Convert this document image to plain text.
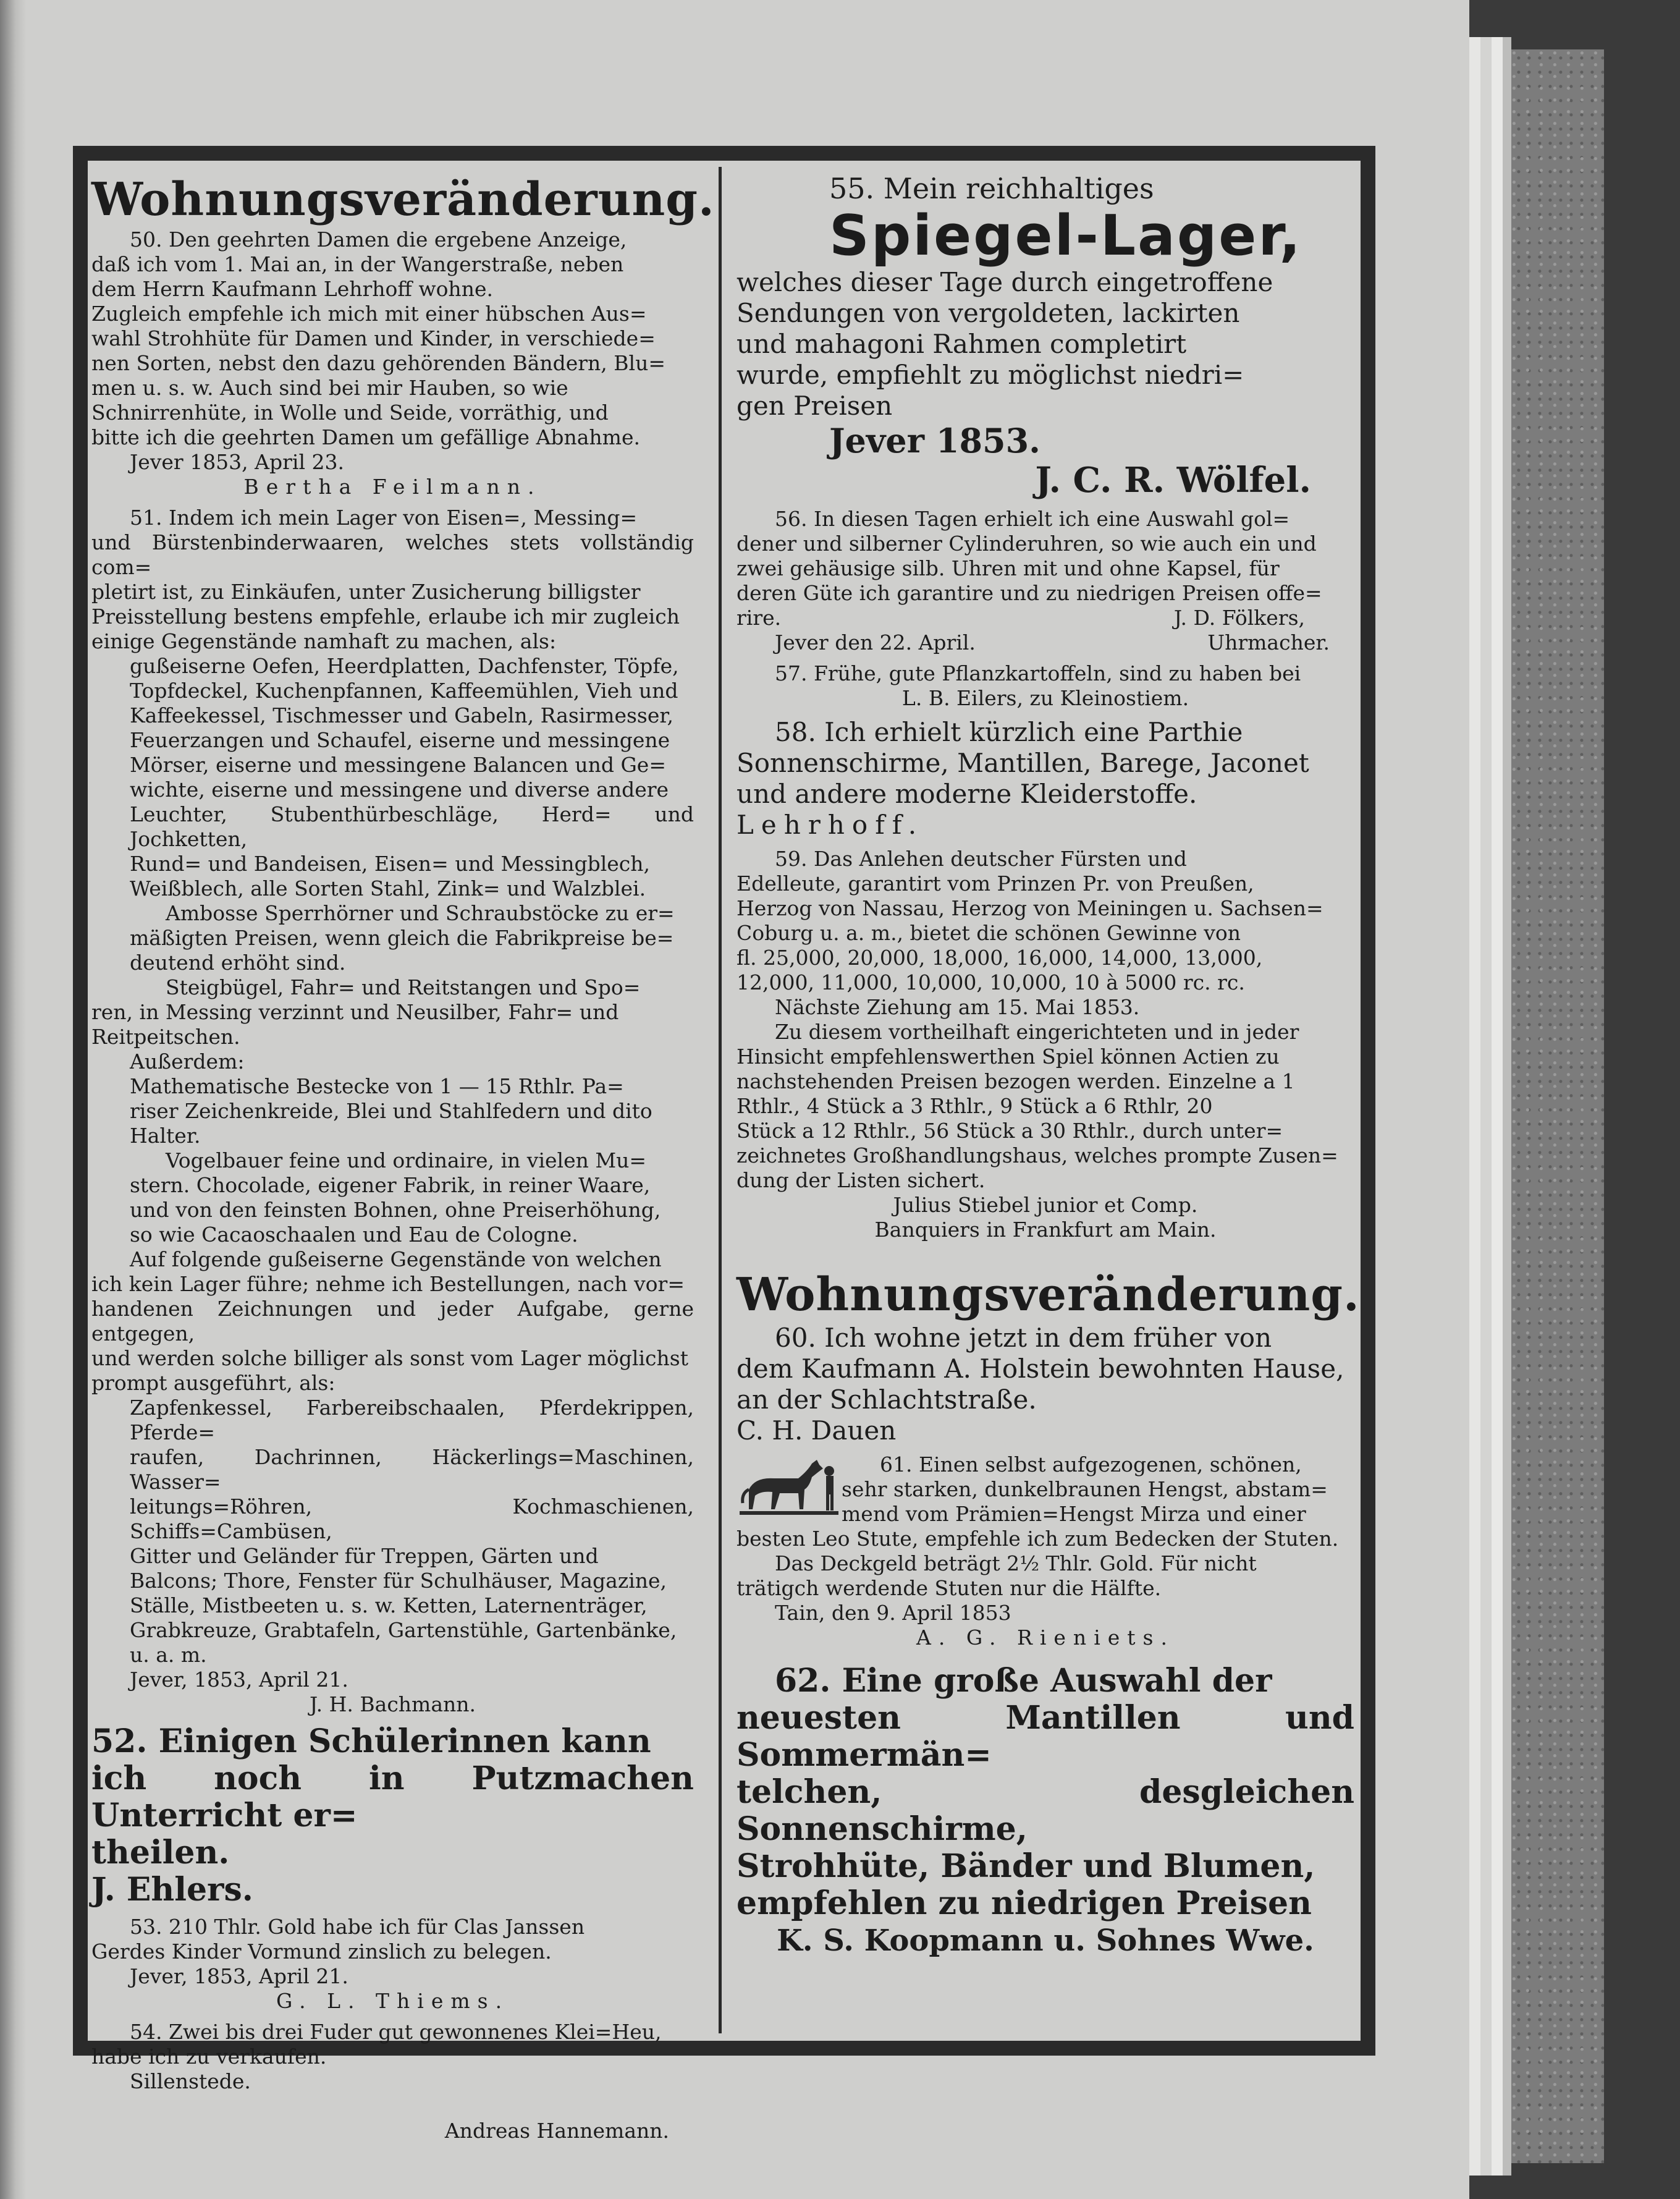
Wohnungsveränderung.

50. Den geehrten Damen die ergebene Anzeige,

daß ich vom 1. Mai an, in der Wangerstraße, neben

dem Herrn Kaufmann Lehrhoff wohne.

Zugleich empfehle ich mich mit einer hübschen Aus=

wahl Strohhüte für Damen und Kinder, in verschiede=

nen Sorten, nebst den dazu gehörenden Bändern, Blu=

men u. s. w. Auch sind bei mir Hauben, so wie

Schnirrenhüte, in Wolle und Seide, vorräthig, und

bitte ich die geehrten Damen um gefällige Abnahme.

Jever 1853, April 23.

Bertha Feilmann.

51. Indem ich mein Lager von Eisen=, Messing=

und Bürstenbinderwaaren, welches stets vollständig com=

pletirt ist, zu Einkäufen, unter Zusicherung billigster

Preisstellung bestens empfehle, erlaube ich mir zugleich

einige Gegenstände namhaft zu machen, als:

gußeiserne Oefen, Heerdplatten, Dachfenster, Töpfe,

Topfdeckel, Kuchenpfannen, Kaffeemühlen, Vieh und

Kaffeekessel, Tischmesser und Gabeln, Rasirmesser,

Feuerzangen und Schaufel, eiserne und messingene

Mörser, eiserne und messingene Balancen und Ge=

wichte, eiserne und messingene und diverse andere

Leuchter, Stubenthürbeschläge, Herd= und Jochketten,

Rund= und Bandeisen, Eisen= und Messingblech,

Weißblech, alle Sorten Stahl, Zink= und Walzblei.

Ambosse Sperrhörner und Schraubstöcke zu er=

mäßigten Preisen, wenn gleich die Fabrikpreise be=

deutend erhöht sind.

Steigbügel, Fahr= und Reitstangen und Spo=

ren, in Messing verzinnt und Neusilber, Fahr= und

Reitpeitschen.

Außerdem:

Mathematische Bestecke von 1 — 15 Rthlr. Pa=

riser Zeichenkreide, Blei und Stahlfedern und dito

Halter.

Vogelbauer feine und ordinaire, in vielen Mu=

stern. Chocolade, eigener Fabrik, in reiner Waare,

und von den feinsten Bohnen, ohne Preiserhöhung,

so wie Cacaoschaalen und Eau de Cologne.

Auf folgende gußeiserne Gegenstände von welchen

ich kein Lager führe; nehme ich Bestellungen, nach vor=

handenen Zeichnungen und jeder Aufgabe, gerne entgegen,

und werden solche billiger als sonst vom Lager möglichst

prompt ausgeführt, als:

Zapfenkessel, Farbereibschaalen, Pferdekrippen, Pferde=

raufen, Dachrinnen, Häckerlings=Maschinen, Wasser=

leitungs=Röhren, Kochmaschienen, Schiffs=Cambüsen,

Gitter und Geländer für Treppen, Gärten und

Balcons; Thore, Fenster für Schulhäuser, Magazine,

Ställe, Mistbeeten u. s. w. Ketten, Laternenträger,

Grabkreuze, Grabtafeln, Gartenstühle, Gartenbänke,

u. a. m.

Jever, 1853, April 21.

J. H. Bachmann.

52. Einigen Schülerinnen kann

ich noch in Putzmachen Unterricht er=

theilen.

J. Ehlers.

53. 210 Thlr. Gold habe ich für Clas Janssen

Gerdes Kinder Vormund zinslich zu belegen.

Jever, 1853, April 21.

G. L. Thiems.

54. Zwei bis drei Fuder gut gewonnenes Klei=Heu,

habe ich zu verkaufen.

Sillenstede.

Andreas Hannemann.

55. Mein reichhaltiges

Spiegel-Lager,

welches dieser Tage durch eingetroffene

Sendungen von vergoldeten, lackirten

und mahagoni Rahmen completirt

wurde, empfiehlt zu möglichst niedri=

gen Preisen

Jever 1853.

J. C. R. Wölfel.

56. In diesen Tagen erhielt ich eine Auswahl gol=

dener und silberner Cylinderuhren, so wie auch ein und

zwei gehäusige silb. Uhren mit und ohne Kapsel, für

deren Güte ich garantire und zu niedrigen Preisen offe=

rire.	J. D. Fölkers,

Jever den 22. April.	Uhrmacher.

57. Frühe, gute Pflanzkartoffeln, sind zu haben bei

L. B. Eilers, zu Kleinostiem.

58. Ich erhielt kürzlich eine Parthie

Sonnenschirme, Mantillen, Barege, Jaconet

und andere moderne Kleiderstoffe.

Lehrhoff.

59. Das Anlehen deutscher Fürsten und

Edelleute, garantirt vom Prinzen Pr. von Preußen,

Herzog von Nassau, Herzog von Meiningen u. Sachsen=

Coburg u. a. m., bietet die schönen Gewinne von

fl. 25,000, 20,000, 18,000, 16,000, 14,000, 13,000,

12,000, 11,000, 10,000, 10,000, 10 à 5000 rc. rc.

Nächste Ziehung am 15. Mai 1853.

Zu diesem vortheilhaft eingerichteten und in jeder

Hinsicht empfehlenswerthen Spiel können Actien zu

nachstehenden Preisen bezogen werden. Einzelne a 1

Rthlr., 4 Stück a 3 Rthlr., 9 Stück a 6 Rthlr, 20

Stück a 12 Rthlr., 56 Stück a 30 Rthlr., durch unter=

zeichnetes Großhandlungshaus, welches prompte Zusen=

dung der Listen sichert.

Julius Stiebel junior et Comp.

Banquiers in Frankfurt am Main.

Wohnungsveränderung.

60. Ich wohne jetzt in dem früher von

dem Kaufmann A. Holstein bewohnten Hause,

an der Schlachtstraße.

C. H. Dauen

61. Einen selbst aufgezogenen, schönen,

sehr starken, dunkelbraunen Hengst, abstam=

mend vom Prämien=Hengst Mirza und einer

besten Leo Stute, empfehle ich zum Bedecken der Stuten.

Das Deckgeld beträgt 2½ Thlr. Gold. Für nicht

trätigch werdende Stuten nur die Hälfte.

Tain, den 9. April 1853

A. G. Rieniets.

62. Eine große Auswahl der

neuesten Mantillen und Sommermän=

telchen, desgleichen Sonnenschirme,

Strohhüte, Bänder und Blumen,

empfehlen zu niedrigen Preisen

K. S. Koopmann u. Sohnes Wwe.
